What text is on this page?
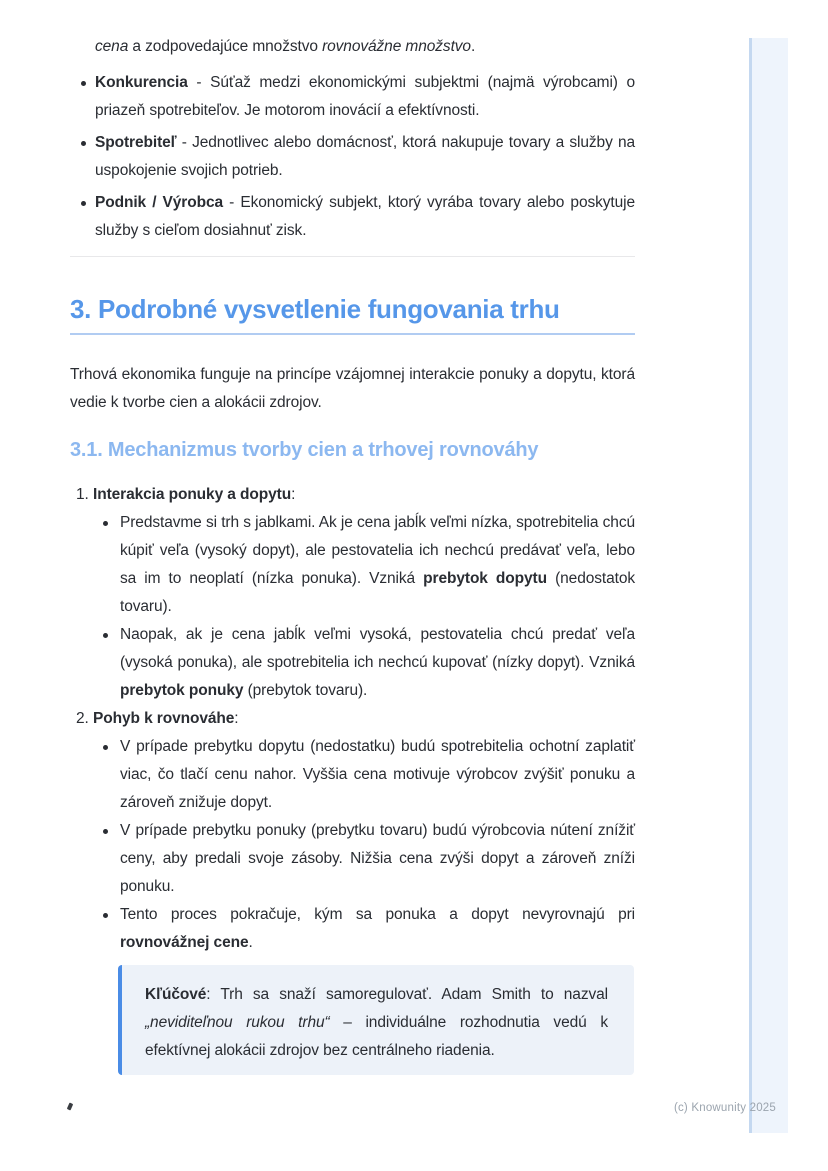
cena a zodpovedajúce množstvo rovnovážne množstvo.

Konkurencia - Súťaž medzi ekonomickými subjektmi (najmä výrobcami) o priazeň spotrebiteľov. Je motorom inovácií a efektívnosti.
Spotrebiteľ - Jednotlivec alebo domácnosť, ktorá nakupuje tovary a služby na uspokojenie svojich potrieb.
Podnik / Výrobca - Ekonomický subjekt, ktorý vyrába tovary alebo poskytuje služby s cieľom dosiahnuť zisk.
3. Podrobné vysvetlenie fungovania trhu

Trhová ekonomika funguje na princípe vzájomnej interakcie ponuky a dopytu, ktorá vedie k tvorbe cien a alokácii zdrojov.

3.1. Mechanizmus tvorby cien a trhovej rovnováhy
1. Interakcia ponuky a dopytu:
Predstavme si trh s jablkami. Ak je cena jabĺk veľmi nízka, spotrebitelia chcú kúpiť veľa (vysoký dopyt), ale pestovatelia ich nechcú predávať veľa, lebo sa im to neoplatí (nízka ponuka). Vzniká prebytok dopytu (nedostatok tovaru).
Naopak, ak je cena jabĺk veľmi vysoká, pestovatelia chcú predať veľa (vysoká ponuka), ale spotrebitelia ich nechcú kupovať (nízky dopyt). Vzniká prebytok ponuky (prebytok tovaru).
2. Pohyb k rovnováhe:
V prípade prebytku dopytu (nedostatku) budú spotrebitelia ochotní zaplatiť viac, čo tlačí cenu nahor. Vyššia cena motivuje výrobcov zvýšiť ponuku a zároveň znižuje dopyt.
V prípade prebytku ponuky (prebytku tovaru) budú výrobcovia nútení znížiť ceny, aby predali svoje zásoby. Nižšia cena zvýši dopyt a zároveň zníži ponuku.
Tento proces pokračuje, kým sa ponuka a dopyt nevyrovnajú pri rovnovážnej cene.
Kľúčové: Trh sa snaží samoregulovať. Adam Smith to nazval „neviditeľnou rukou trhu“ – individuálne rozhodnutia vedú k efektívnej alokácii zdrojov bez centrálneho riadenia.
(c) Knowunity 2025
